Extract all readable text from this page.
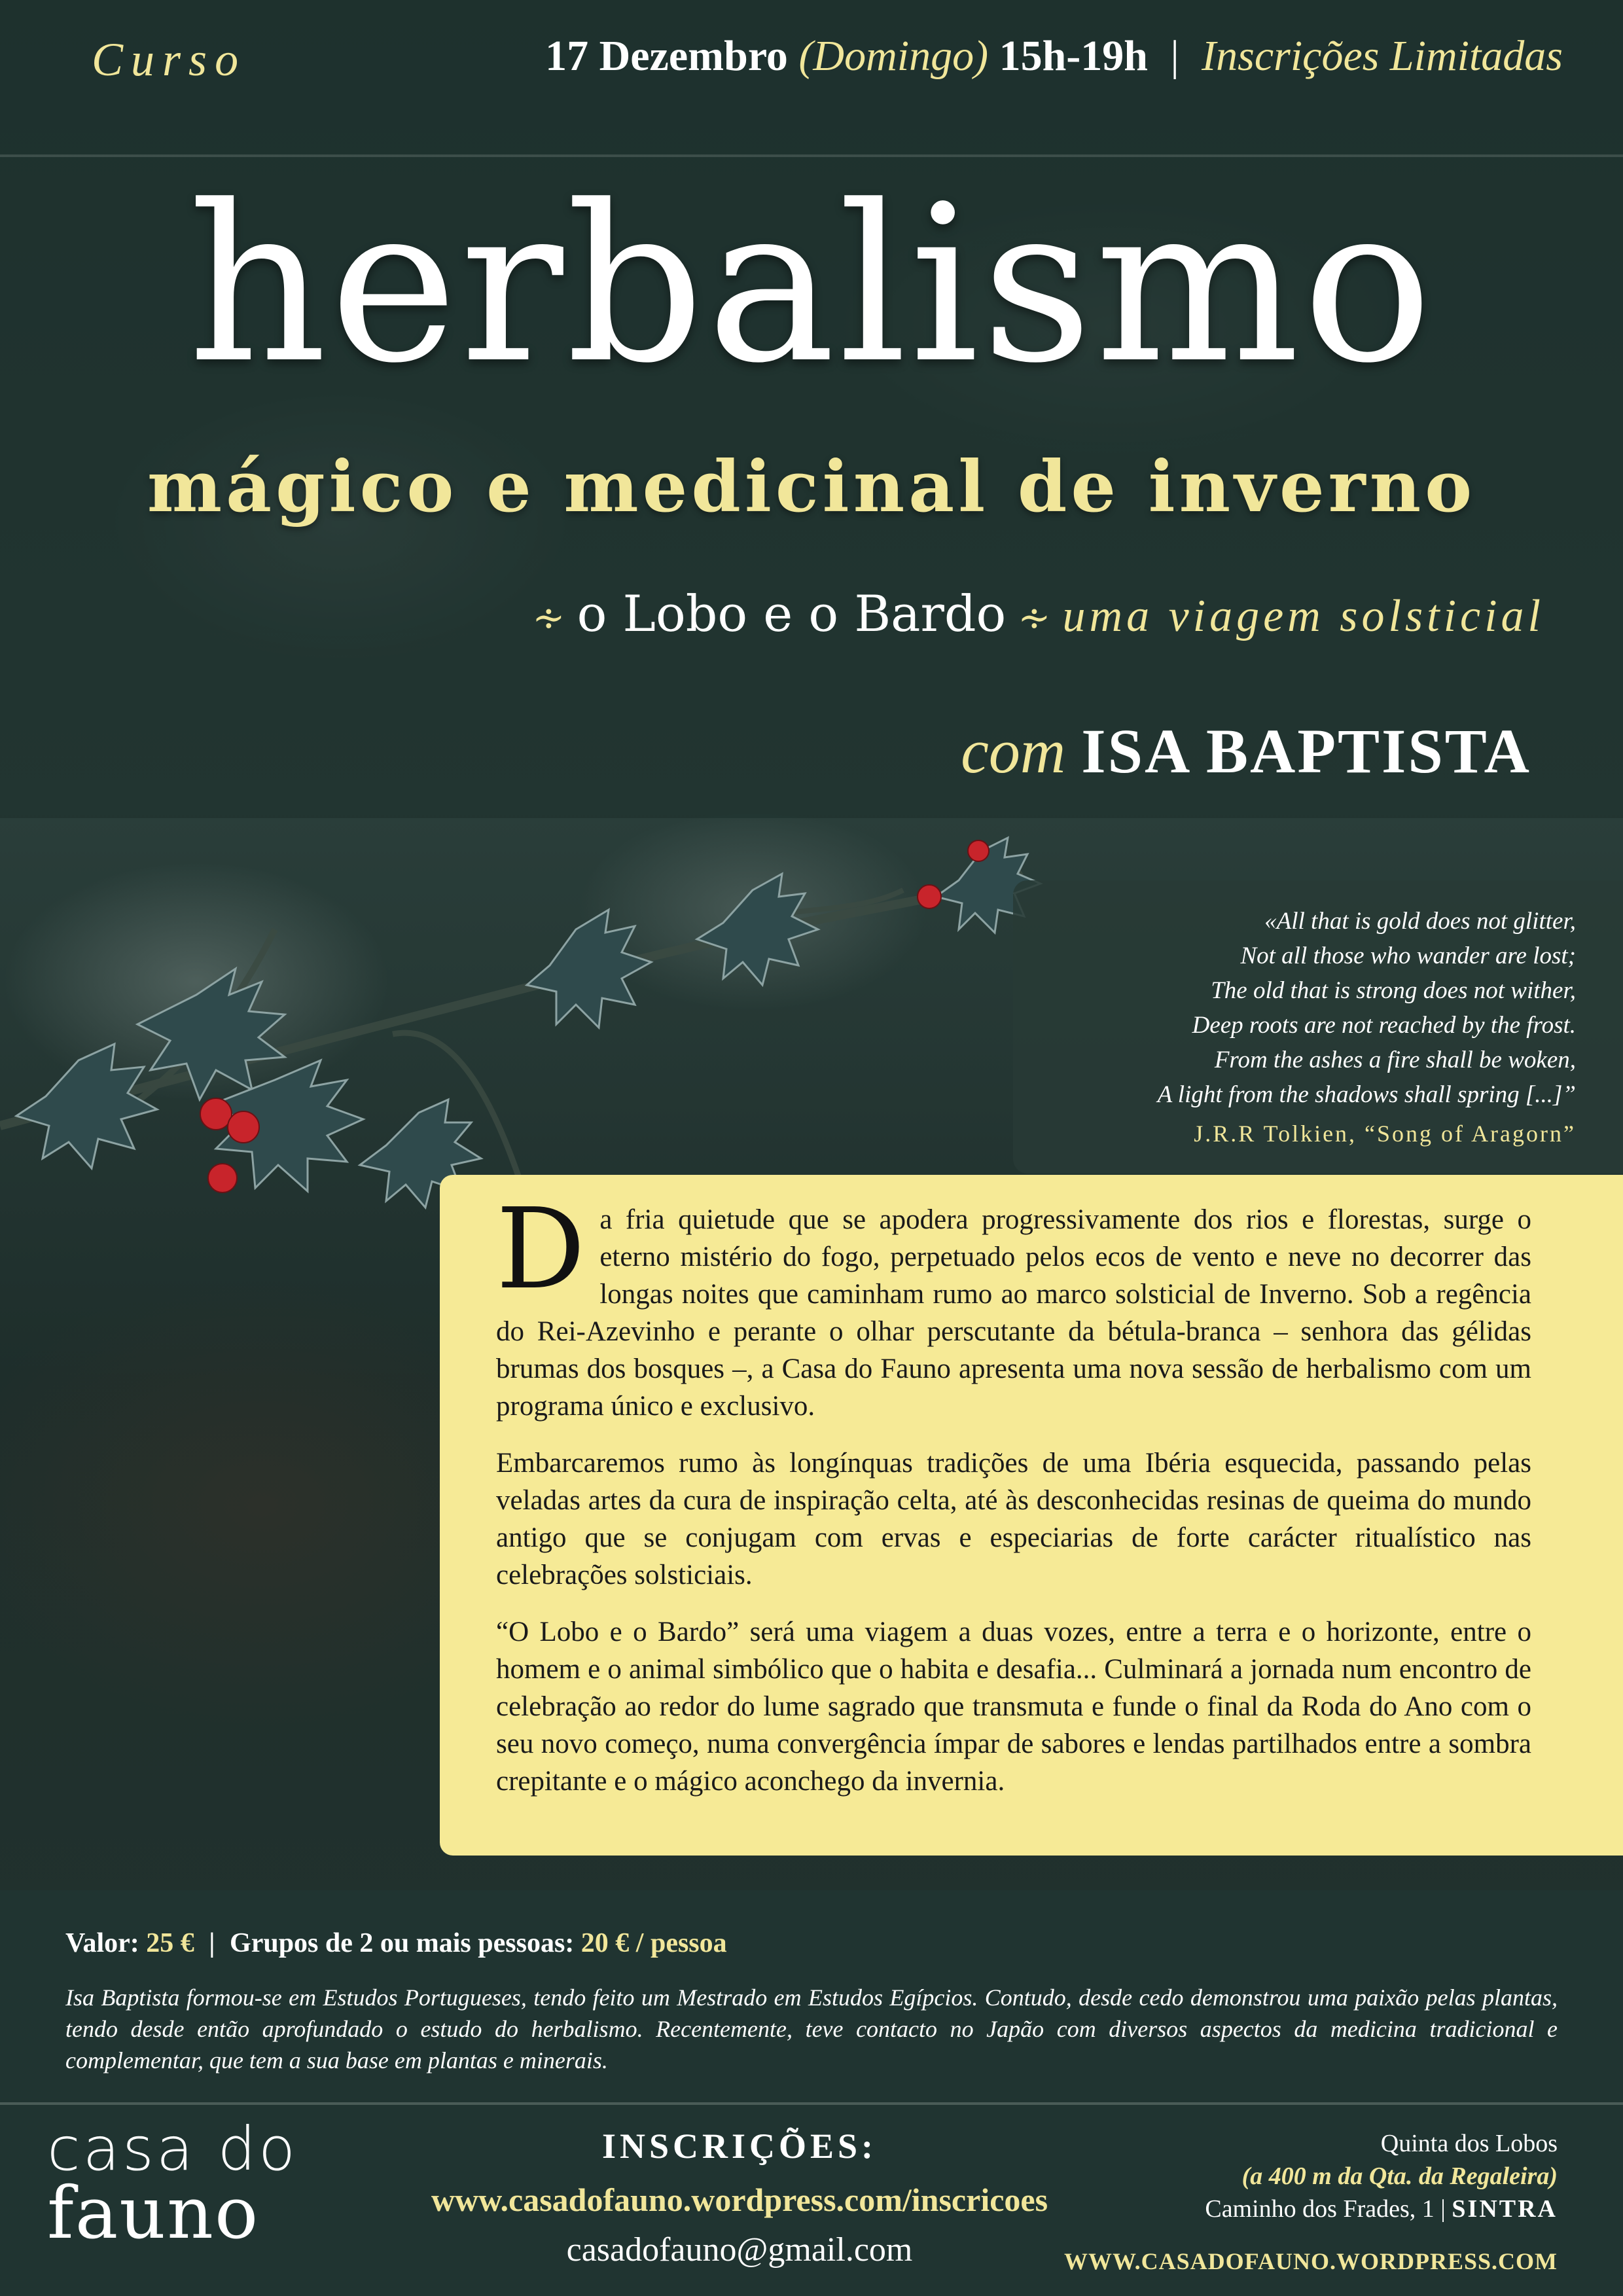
Curso	17 Dezembro (Domingo) 15h-19h | Inscrições Limitadas
herbalismo
mágico e medicinal de inverno
∻ o Lobo e o Bardo ∻ uma viagem solsticial
com ISA BAPTISTA
«All that is gold does not glitter,
Not all those who wander are lost;
The old that is strong does not wither,
Deep roots are not reached by the frost.
From the ashes a fire shall be woken,
A light from the shadows shall spring [...]”
J.R.R Tolkien, “Song of Aragorn”

Da fria quietude que se apodera progressivamente dos rios e florestas, surge o eterno mistério do fogo, perpetuado pelos ecos de vento e neve no decorrer das longas noites que caminham rumo ao marco solsticial de Inverno. Sob a regência do Rei-Azevinho e perante o olhar perscutante da bétula-branca – senhora das gélidas brumas dos bosques –, a Casa do Fauno apresenta uma nova sessão de herbalismo com um programa único e exclusivo.

Embarcaremos rumo às longínquas tradições de uma Ibéria esquecida, passando pelas veladas artes da cura de inspiração celta, até às desconhecidas resinas de queima do mundo antigo que se conjugam com ervas e especiarias de forte carácter ritualístico nas celebrações solsticiais.

“O Lobo e o Bardo” será uma viagem a duas vozes, entre a terra e o horizonte, entre o homem e o animal simbólico que o habita e desafia... Culminará a jornada num encontro de celebração ao redor do lume sagrado que transmuta e funde o final da Roda do Ano com o seu novo começo, numa convergência ímpar de sabores e lendas partilhados entre a sombra crepitante e o mágico aconchego da invernia.

Valor: 25 € | Grupos de 2 ou mais pessoas: 20 € / pessoa
Isa Baptista formou-se em Estudos Portugueses, tendo feito um Mestrado em Estudos Egípcios. Contudo, desde cedo demonstrou uma paixão pelas plantas, tendo desde então aprofundado o estudo do herbalismo. Recentemente, teve contacto no Japão com diversos aspectos da medicina tradicional e complementar, que tem a sua base em plantas e minerais.
casa do
fauno
INSCRIÇÕES:
www.casadofauno.wordpress.com/inscricoes
casadofauno@gmail.com
Quinta dos Lobos
(a 400 m da Qta. da Regaleira)
Caminho dos Frades, 1 | SINTRA
WWW.CASADOFAUNO.WORDPRESS.COM
